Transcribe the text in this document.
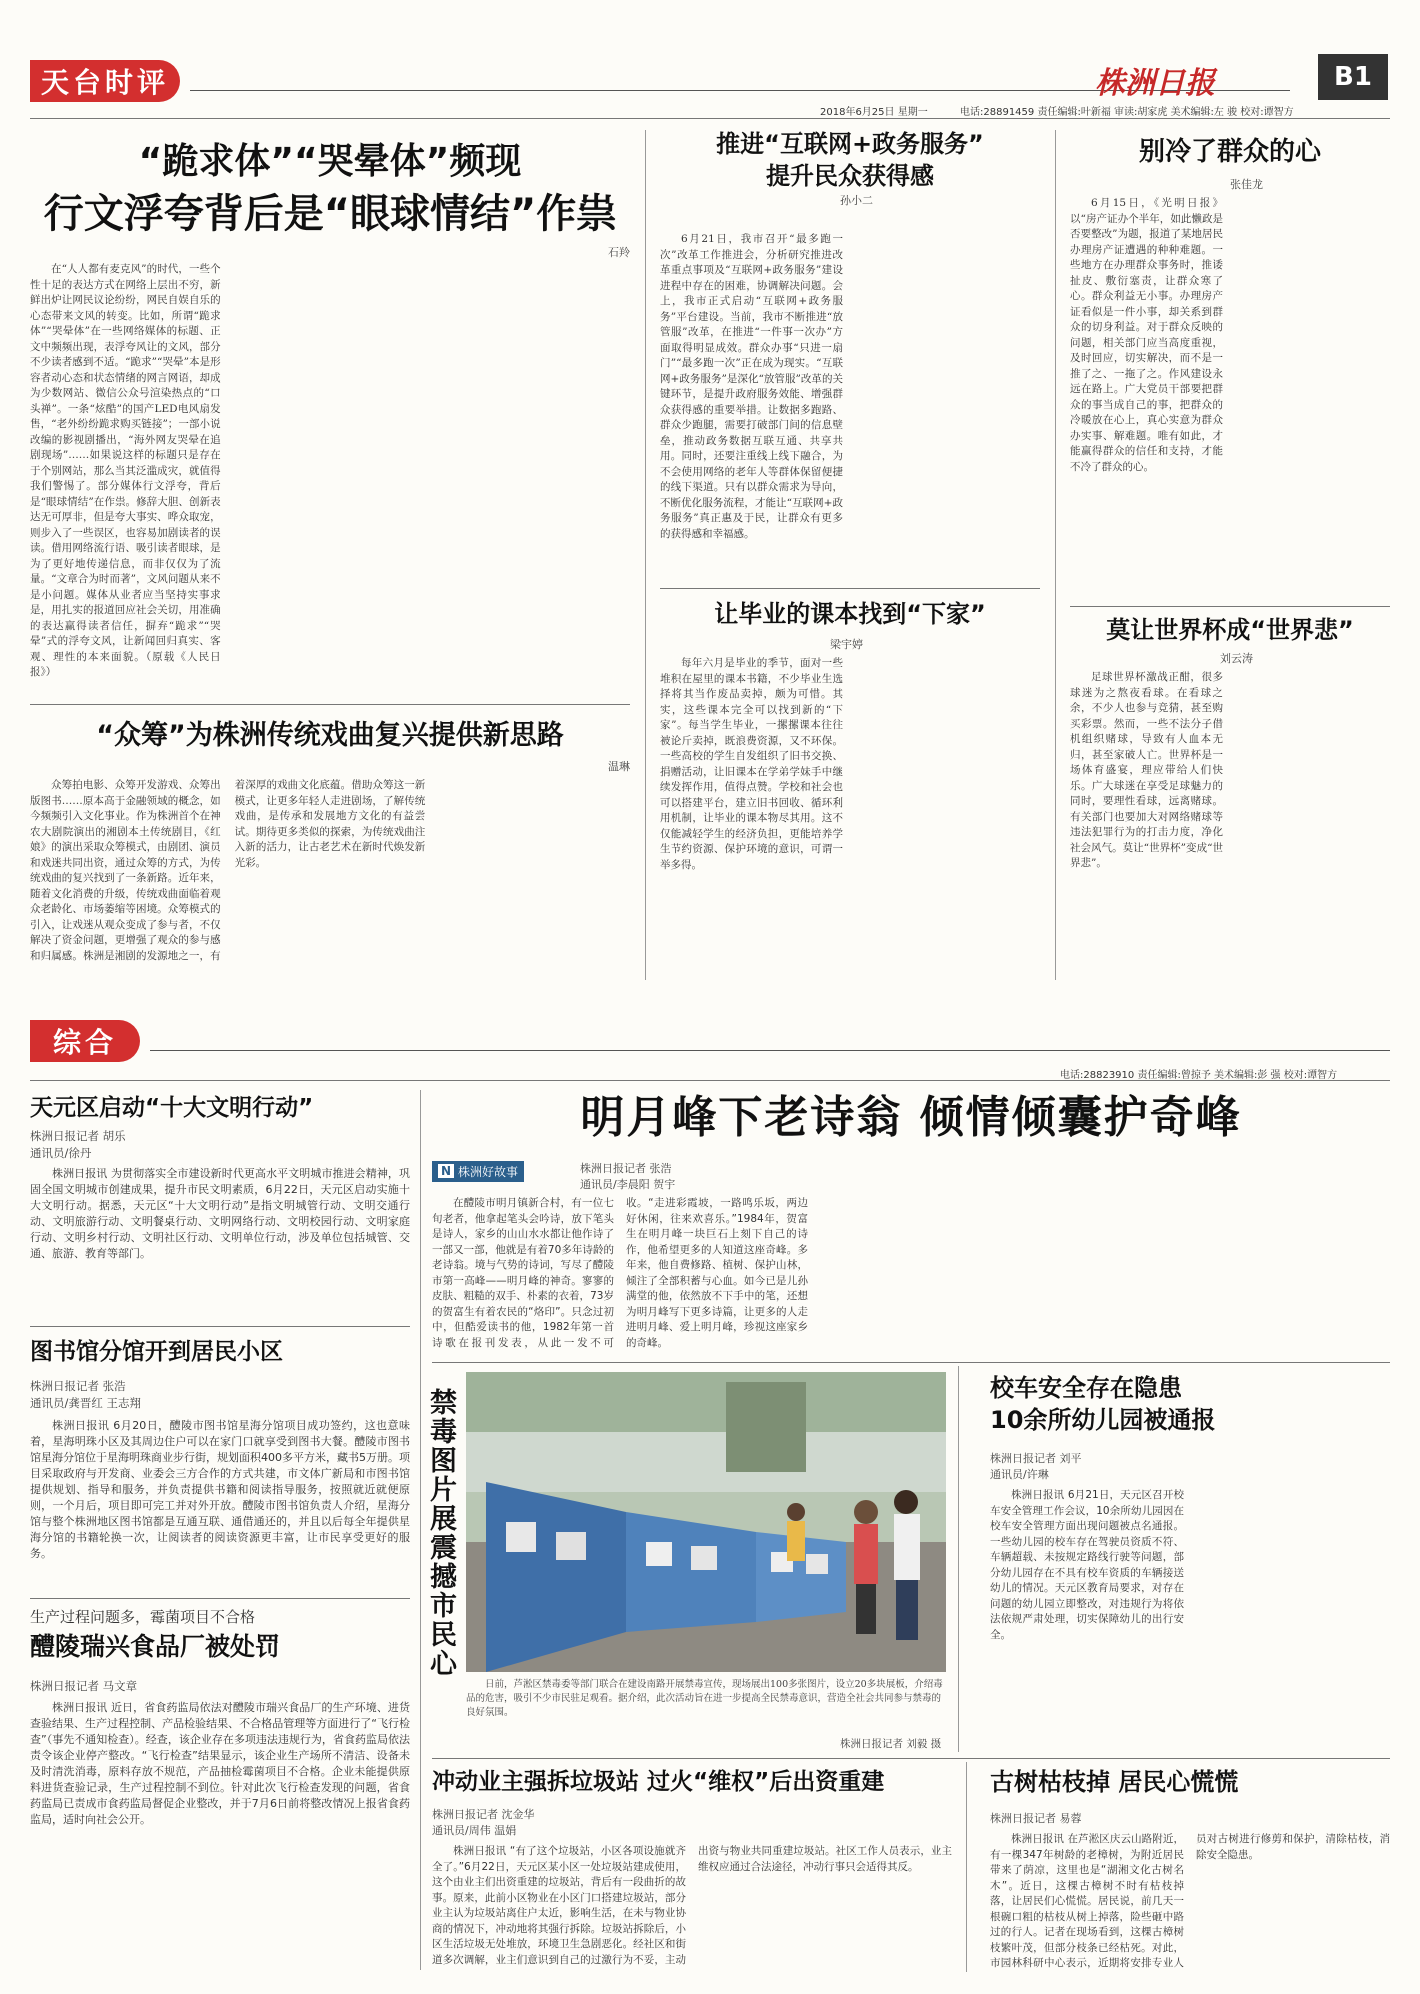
天台时评	株洲日报	B1
2018年6月25日 星期一	电话:28891459 责任编辑:叶新福 审读:胡家虎 美术编辑:左 骏 校对:谭智方
“跪求体”“哭晕体”频现
行文浮夸背后是“眼球情结”作祟
石羚
在“人人都有麦克风”的时代，一些个性十足的表达方式在网络上层出不穷，新鲜出炉让网民议论纷纷，网民自娱自乐的心态带来文风的转变。比如，所谓“跪求体”“哭晕体”在一些网络媒体的标题、正文中频频出现，表浮夸风让的文风，部分不少读者感到不适。“跪求”“哭晕”本是形容者动心态和状态情绪的网言网语，却成为少数网站、微信公众号渲染热点的“口头禅”。一条“炫酷”的国产LED电风扇发售，“老外纷纷跪求购买链接”；一部小说改编的影视剧播出，“海外网友哭晕在追剧现场”……如果说这样的标题只是存在于个别网站，那么当其泛滥成灾，就值得我们警惕了。部分媒体行文浮夸，背后是“眼球情结”在作祟。修辞大胆、创新表达无可厚非，但是夸大事实、哗众取宠，则步入了一些误区，也容易加剧读者的误读。借用网络流行语、吸引读者眼球，是为了更好地传递信息，而非仅仅为了流量。“文章合为时而著”，文风问题从来不是小问题。媒体从业者应当坚持实事求是，用扎实的报道回应社会关切，用准确的表达赢得读者信任，摒弃“跪求”“哭晕”式的浮夸文风，让新闻回归真实、客观、理性的本来面貌。（原载《人民日报》）
“众筹”为株洲传统戏曲复兴提供新思路
温琳
众筹拍电影、众筹开发游戏、众筹出版图书……原本高于金融领域的概念，如今频频引入文化事业。作为株洲首个在神农大剧院演出的湘剧本土传统剧目，《红娘》的演出采取众筹模式，由剧团、演员和戏迷共同出资，通过众筹的方式，为传统戏曲的复兴找到了一条新路。近年来，随着文化消费的升级，传统戏曲面临着观众老龄化、市场萎缩等困境。众筹模式的引入，让戏迷从观众变成了参与者，不仅解决了资金问题，更增强了观众的参与感和归属感。株洲是湘剧的发源地之一，有着深厚的戏曲文化底蕴。借助众筹这一新模式，让更多年轻人走进剧场，了解传统戏曲，是传承和发展地方文化的有益尝试。期待更多类似的探索，为传统戏曲注入新的活力，让古老艺术在新时代焕发新光彩。
推进“互联网+政务服务”
提升民众获得感
孙小二
6月21日，我市召开“最多跑一次”改革工作推进会，分析研究推进改革重点事项及“互联网+政务服务”建设进程中存在的困难，协调解决问题。会上，我市正式启动“互联网+政务服务”平台建设。当前，我市不断推进“放管服”改革，在推进“一件事一次办”方面取得明显成效。群众办事“只进一扇门”“最多跑一次”正在成为现实。“互联网+政务服务”是深化“放管服”改革的关键环节，是提升政府服务效能、增强群众获得感的重要举措。让数据多跑路、群众少跑腿，需要打破部门间的信息壁垒，推动政务数据互联互通、共享共用。同时，还要注重线上线下融合，为不会使用网络的老年人等群体保留便捷的线下渠道。只有以群众需求为导向，不断优化服务流程，才能让“互联网+政务服务”真正惠及于民，让群众有更多的获得感和幸福感。
别冷了群众的心
张佳龙
6月15日，《光明日报》以“房产证办个半年，如此懒政是否要整改”为题，报道了某地居民办理房产证遭遇的种种难题。一些地方在办理群众事务时，推诿扯皮、敷衍塞责，让群众寒了心。群众利益无小事。办理房产证看似是一件小事，却关系到群众的切身利益。对于群众反映的问题，相关部门应当高度重视，及时回应，切实解决，而不是一推了之、一拖了之。作风建设永远在路上。广大党员干部要把群众的事当成自己的事，把群众的冷暖放在心上，真心实意为群众办实事、解难题。唯有如此，才能赢得群众的信任和支持，才能不冷了群众的心。
让毕业的课本找到“下家”
梁宇婷
每年六月是毕业的季节，面对一些堆积在屋里的课本书籍，不少毕业生选择将其当作废品卖掉，颇为可惜。其实，这些课本完全可以找到新的“下家”。每当学生毕业，一摞摞课本往往被论斤卖掉，既浪费资源，又不环保。一些高校的学生自发组织了旧书交换、捐赠活动，让旧课本在学弟学妹手中继续发挥作用，值得点赞。学校和社会也可以搭建平台，建立旧书回收、循环利用机制，让毕业的课本物尽其用。这不仅能减轻学生的经济负担，更能培养学生节约资源、保护环境的意识，可谓一举多得。
莫让世界杯成“世界悲”
刘云涛
足球世界杯激战正酣，很多球迷为之熬夜看球。在看球之余，不少人也参与竞猜，甚至购买彩票。然而，一些不法分子借机组织赌球，导致有人血本无归，甚至家破人亡。世界杯是一场体育盛宴，理应带给人们快乐。广大球迷在享受足球魅力的同时，要理性看球，远离赌球。有关部门也要加大对网络赌球等违法犯罪行为的打击力度，净化社会风气。莫让“世界杯”变成“世界悲”。
综合
电话:28823910 责任编辑:曾掠予 美术编辑:彭 强 校对:谭智方
天元区启动“十大文明行动”
株洲日报记者 胡乐
通讯员/徐丹
株洲日报讯 为贯彻落实全市建设新时代更高水平文明城市推进会精神，巩固全国文明城市创建成果，提升市民文明素质，6月22日，天元区启动实施十大文明行动。据悉，天元区“十大文明行动”是指文明城管行动、文明交通行动、文明旅游行动、文明餐桌行动、文明网络行动、文明校园行动、文明家庭行动、文明乡村行动、文明社区行动、文明单位行动，涉及单位包括城管、交通、旅游、教育等部门。
图书馆分馆开到居民小区
株洲日报记者 张浩
通讯员/龚晋红 王志翔
株洲日报讯 6月20日，醴陵市图书馆星海分馆项目成功签约，这也意味着，星海明珠小区及其周边住户可以在家门口就享受到图书大餐。醴陵市图书馆星海分馆位于星海明珠商业步行街，规划面积400多平方米，藏书5万册。项目采取政府与开发商、业委会三方合作的方式共建，市文体广新局和市图书馆提供规划、指导和服务，并负责提供书籍和阅读指导服务，按照就近就便原则，一个月后，项目即可完工并对外开放。醴陵市图书馆负责人介绍，星海分馆与整个株洲地区图书馆都是互通互联、通借通还的，并且以后每全年提供星海分馆的书籍轮换一次，让阅读者的阅读资源更丰富，让市民享受更好的服务。
生产过程问题多，霉菌项目不合格
醴陵瑞兴食品厂被处罚
株洲日报记者 马文章
株洲日报讯 近日，省食药监局依法对醴陵市瑞兴食品厂的生产环境、进货查验结果、生产过程控制、产品检验结果、不合格品管理等方面进行了“飞行检查”（事先不通知检查）。经查，该企业存在多项违法违规行为，省食药监局依法责令该企业停产整改。“飞行检查”结果显示，该企业生产场所不清洁、设备未及时清洗消毒，原料存放不规范，产品抽检霉菌项目不合格。企业未能提供原料进货查验记录，生产过程控制不到位。针对此次飞行检查发现的问题，省食药监局已责成市食药监局督促企业整改，并于7月6日前将整改情况上报省食药监局，适时向社会公开。
明月峰下老诗翁 倾情倾囊护奇峰
N 株洲好故事	株洲日报记者 张浩
通讯员/李晨阳 贺宇
在醴陵市明月镇新合村，有一位七旬老者，他拿起笔头会吟诗，放下笔头是诗人，家乡的山山水水都让他作诗了一部又一部，他就是有着70多年诗龄的老诗翁。境与气势的诗词，写尽了醴陵市第一高峰——明月峰的神奇。寥寥的皮肤、粗糙的双手、朴素的衣着，73岁的贺富生有着农民的“烙印”。只念过初中，但酷爱读书的他，1982年第一首诗歌在报刊发表，从此一发不可收。“走进彩霞坡，一路鸣乐坂，两边好休闲，往来欢喜乐。”1984年，贺富生在明月峰一块巨石上刻下自己的诗作，他希望更多的人知道这座奇峰。多年来，他自费修路、植树、保护山林，倾注了全部积蓄与心血。如今已是儿孙满堂的他，依然放不下手中的笔，还想为明月峰写下更多诗篇，让更多的人走进明月峰、爱上明月峰，珍视这座家乡的奇峰。
禁毒图片展震撼市民心
日前，芦淞区禁毒委等部门联合在建设南路开展禁毒宣传，现场展出100多张图片，设立20多块展板，介绍毒品的危害，吸引不少市民驻足观看。据介绍，此次活动旨在进一步提高全民禁毒意识，营造全社会共同参与禁毒的良好氛围。
株洲日报记者 刘毅 摄
校车安全存在隐患
10余所幼儿园被通报
株洲日报记者 刘平
通讯员/许琳
株洲日报讯 6月21日，天元区召开校车安全管理工作会议，10余所幼儿园因在校车安全管理方面出现问题被点名通报。一些幼儿园的校车存在驾驶员资质不符、车辆超载、未按规定路线行驶等问题，部分幼儿园存在不具有校车资质的车辆接送幼儿的情况。天元区教育局要求，对存在问题的幼儿园立即整改，对违规行为将依法依规严肃处理，切实保障幼儿的出行安全。
冲动业主强拆垃圾站 过火“维权”后出资重建
株洲日报记者 沈金华
通讯员/周伟 温娟
株洲日报讯 “有了这个垃圾站，小区各项设施就齐全了。”6月22日，天元区某小区一处垃圾站建成使用，这个由业主们出资重建的垃圾站，背后有一段曲折的故事。原来，此前小区物业在小区门口搭建垃圾站，部分业主认为垃圾站离住户太近，影响生活，在未与物业协商的情况下，冲动地将其强行拆除。垃圾站拆除后，小区生活垃圾无处堆放，环境卫生急剧恶化。经社区和街道多次调解，业主们意识到自己的过激行为不妥，主动出资与物业共同重建垃圾站。社区工作人员表示，业主维权应通过合法途径，冲动行事只会适得其反。
古树枯枝掉 居民心慌慌
株洲日报记者 易蓉
株洲日报讯 在芦淞区庆云山路附近，有一棵347年树龄的老樟树，为附近居民带来了荫凉，这里也是“湖湘文化古树名木”。近日，这棵古樟树不时有枯枝掉落，让居民们心慌慌。居民说，前几天一根碗口粗的枯枝从树上掉落，险些砸中路过的行人。记者在现场看到，这棵古樟树枝繁叶茂，但部分枝条已经枯死。对此，市园林科研中心表示，近期将安排专业人员对古树进行修剪和保护，清除枯枝，消除安全隐患。
